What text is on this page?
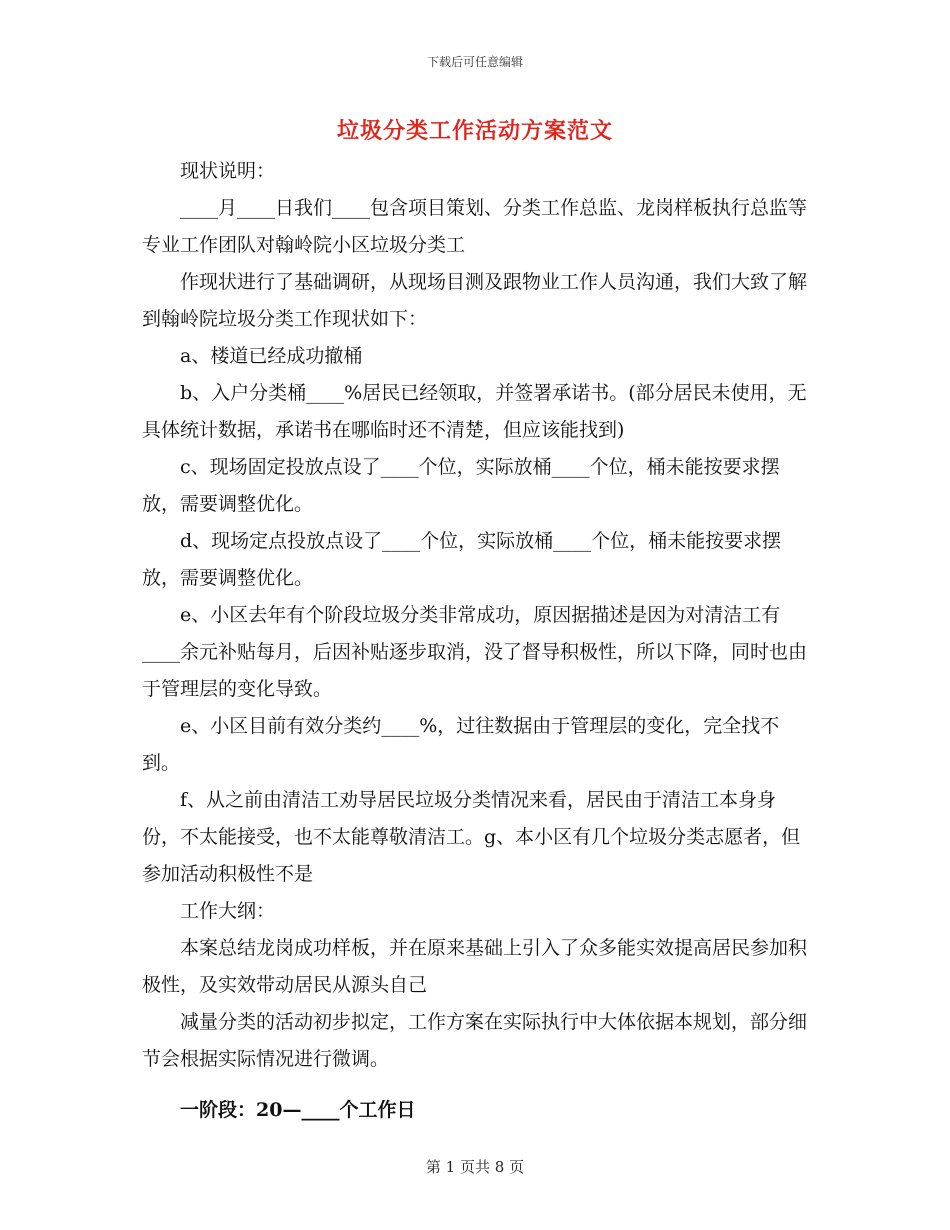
下载后可任意编辑
垃圾分类工作活动方案范文

现状说明：

____月____日我们____包含项目策划、分类工作总监、龙岗样板执行总监等专业工作团队对翰岭院小区垃圾分类工

作现状进行了基础调研，从现场目测及跟物业工作人员沟通，我们大致了解到翰岭院垃圾分类工作现状如下：

a、楼道已经成功撤桶

b、入户分类桶____%居民已经领取，并签署承诺书。(部分居民未使用，无具体统计数据，承诺书在哪临时还不清楚，但应该能找到)

c、现场固定投放点设了____个位，实际放桶____个位，桶未能按要求摆放，需要调整优化。

d、现场定点投放点设了____个位，实际放桶____个位，桶未能按要求摆放，需要调整优化。

e、小区去年有个阶段垃圾分类非常成功，原因据描述是因为对清洁工有____余元补贴每月，后因补贴逐步取消，没了督导积极性，所以下降，同时也由于管理层的变化导致。

e、小区目前有效分类约____%，过往数据由于管理层的变化，完全找不到。

f、从之前由清洁工劝导居民垃圾分类情况来看，居民由于清洁工本身身份，不太能接受，也不太能尊敬清洁工。g、本小区有几个垃圾分类志愿者，但参加活动积极性不是

工作大纲：

本案总结龙岗成功样板，并在原来基础上引入了众多能实效提高居民参加积极性，及实效带动居民从源头自己

减量分类的活动初步拟定，工作方案在实际执行中大体依据本规划，部分细节会根据实际情况进行微调。

一阶段：20—____个工作日

第 1 页共 8 页
